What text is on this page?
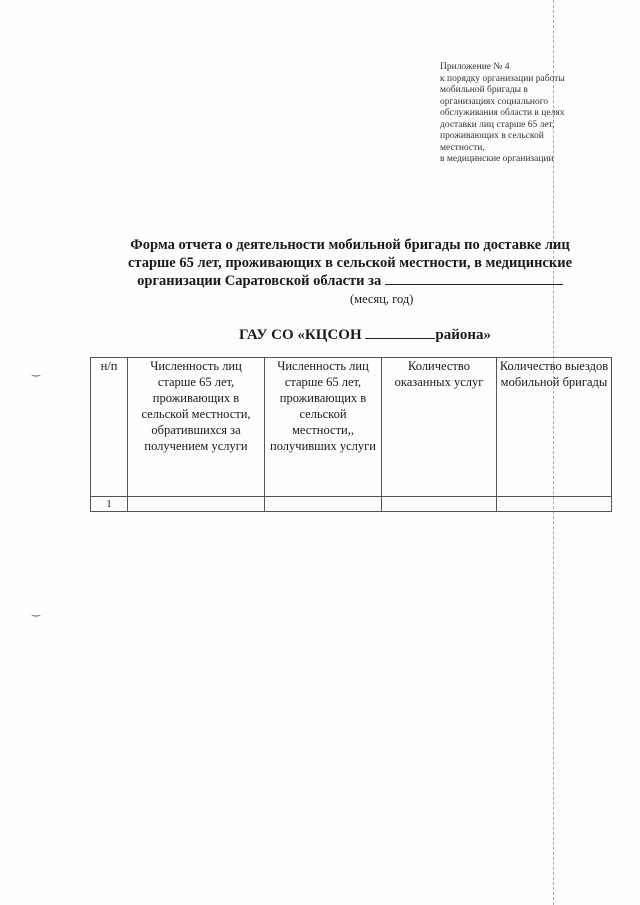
‿
‿
Приложение № 4
к порядку организации работы
мобильной бригады в
организациях социального
обслуживания области в целях
доставки лиц старше 65 лет,
проживающих в сельской
местности,
в медицинские организации
Форма отчета о деятельности мобильной бригады по доставке лиц
старше 65 лет, проживающих в сельской местности, в медицинские
организации Саратовской области за
(месяц, год)
ГАУ СО «КЦСОН	района»
н/п	Численность лиц старше 65 лет, проживающих в сельской местности, обратившихся за получением услуги	Численность лиц старше 65 лет, проживающих в сельской местности,, получивших услуги	Количество оказанных услуг	Количество выездов мобильной бригады
1				
